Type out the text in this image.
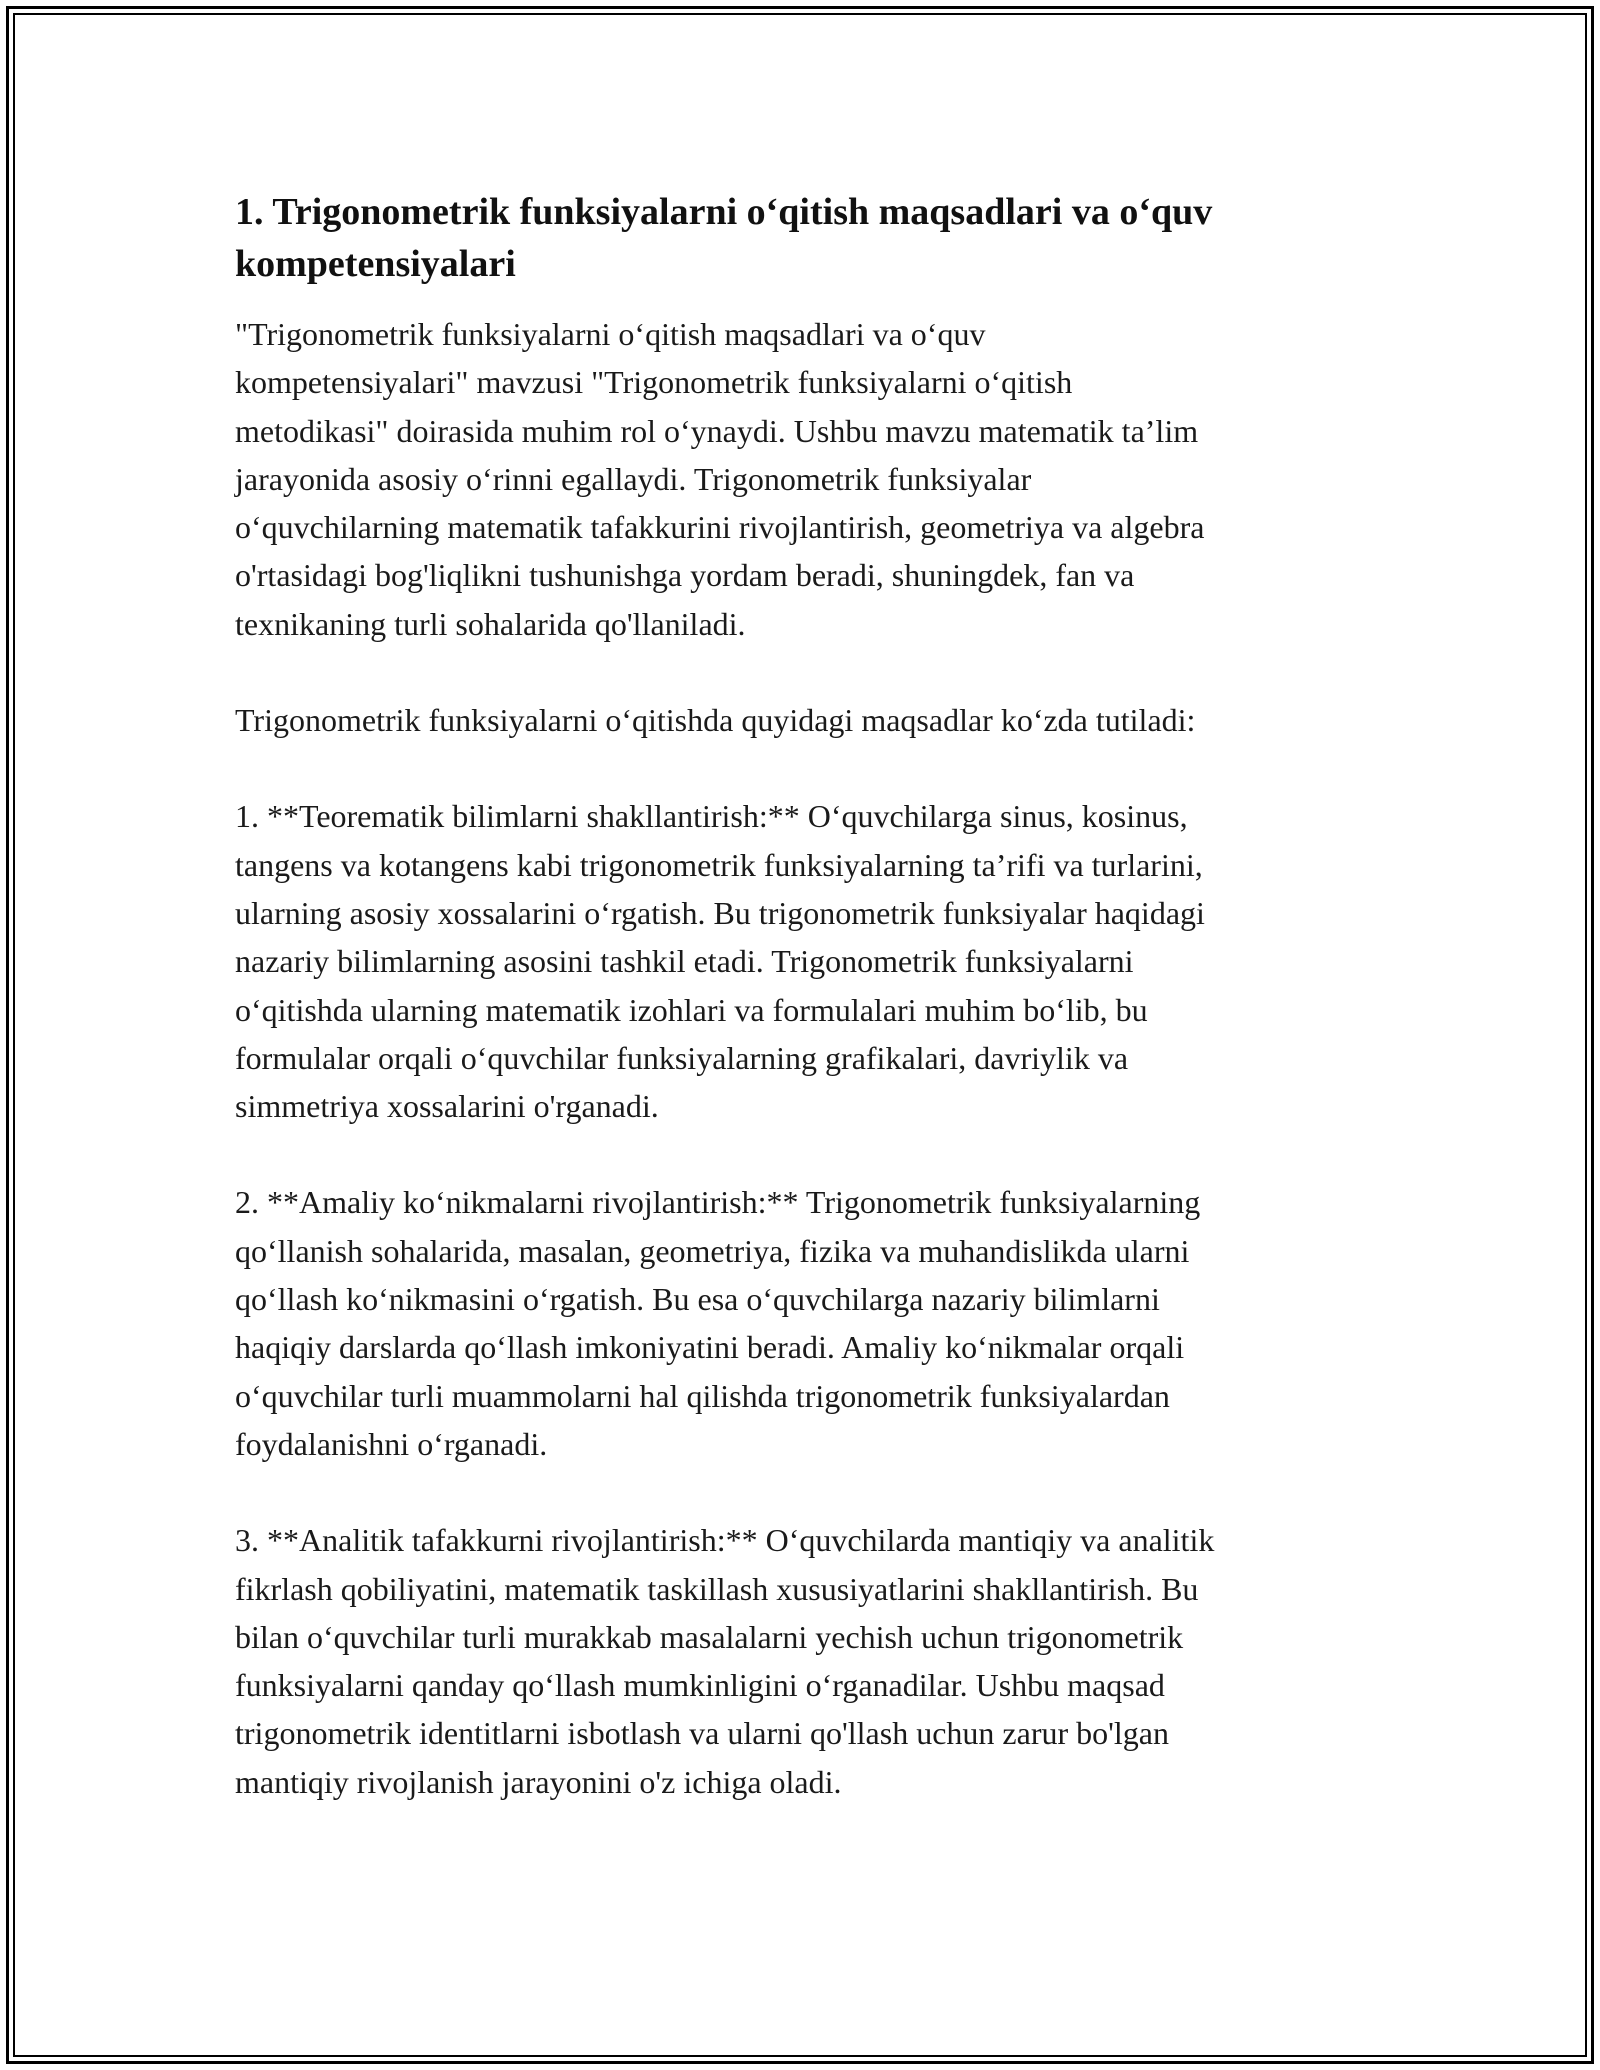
1. Trigonometrik funksiyalarni o‘qitish maqsadlari va o‘quv
kompetensiyalari

"Trigonometrik funksiyalarni o‘qitish maqsadlari va o‘quv
kompetensiyalari" mavzusi "Trigonometrik funksiyalarni o‘qitish
metodikasi" doirasida muhim rol o‘ynaydi. Ushbu mavzu matematik ta’lim
jarayonida asosiy o‘rinni egallaydi. Trigonometrik funksiyalar
o‘quvchilarning matematik tafakkurini rivojlantirish, geometriya va algebra
o'rtasidagi bog'liqlikni tushunishga yordam beradi, shuningdek, fan va
texnikaning turli sohalarida qo'llaniladi.

Trigonometrik funksiyalarni o‘qitishda quyidagi maqsadlar ko‘zda tutiladi:

1. **Teorematik bilimlarni shakllantirish:** O‘quvchilarga sinus, kosinus,
tangens va kotangens kabi trigonometrik funksiyalarning ta’rifi va turlarini,
ularning asosiy xossalarini o‘rgatish. Bu trigonometrik funksiyalar haqidagi
nazariy bilimlarning asosini tashkil etadi. Trigonometrik funksiyalarni
o‘qitishda ularning matematik izohlari va formulalari muhim bo‘lib, bu
formulalar orqali o‘quvchilar funksiyalarning grafikalari, davriylik va
simmetriya xossalarini o'rganadi.

2. **Amaliy ko‘nikmalarni rivojlantirish:** Trigonometrik funksiyalarning
qo‘llanish sohalarida, masalan, geometriya, fizika va muhandislikda ularni
qo‘llash ko‘nikmasini o‘rgatish. Bu esa o‘quvchilarga nazariy bilimlarni
haqiqiy darslarda qo‘llash imkoniyatini beradi. Amaliy ko‘nikmalar orqali
o‘quvchilar turli muammolarni hal qilishda trigonometrik funksiyalardan
foydalanishni o‘rganadi.

3. **Analitik tafakkurni rivojlantirish:** O‘quvchilarda mantiqiy va analitik
fikrlash qobiliyatini, matematik taskillash xususiyatlarini shakllantirish. Bu
bilan o‘quvchilar turli murakkab masalalarni yechish uchun trigonometrik
funksiyalarni qanday qo‘llash mumkinligini o‘rganadilar. Ushbu maqsad
trigonometrik identitlarni isbotlash va ularni qo'llash uchun zarur bo'lgan
mantiqiy rivojlanish jarayonini o'z ichiga oladi.
